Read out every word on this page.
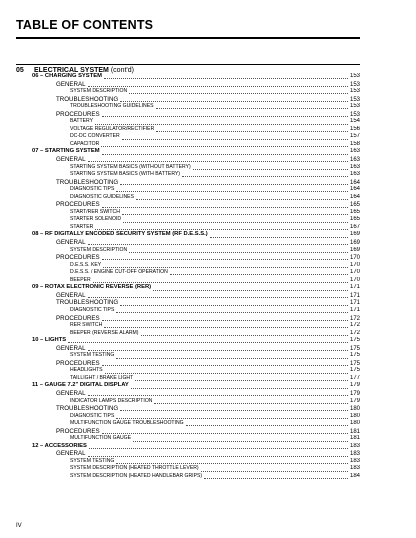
TABLE OF CONTENTS
05 ELECTRICAL SYSTEM (cont'd)
06 – CHARGING SYSTEM	153
GENERAL	153
SYSTEM DESCRIPTION	153
TROUBLESHOOTING	153
TROUBLESHOOTING GUIDELINES	153
PROCEDURES	153
BATTERY	154
VOLTAGE REGULATOR/RECTIFIER	156
DC-DC CONVERTER	157
CAPACITOR	158
07 – STARTING SYSTEM	163
GENERAL	163
STARTING SYSTEM BASICS (WITHOUT BATTERY)	163
STARTING SYSTEM BASICS (WITH BATTERY)	163
TROUBLESHOOTING	164
DIAGNOSTIC TIPS	164
DIAGNOSTIC GUIDELINES	164
PROCEDURES	165
START/RER SWITCH	165
STARTER SOLENOID	165
STARTER	167
08 – RF DIGITALLY ENCODED SECURITY SYSTEM (RF D.E.S.S.)	169
GENERAL	169
SYSTEM DESCRIPTION	169
PROCEDURES	170
D.E.S.S. KEY	170
D.E.S.S. / ENGINE CUT-OFF OPERATION	170
BEEPER	170
09 – ROTAX ELECTRONIC REVERSE (RER)	171
GENERAL	171
TROUBLESHOOTING	171
DIAGNOSTIC TIPS	171
PROCEDURES	172
RER SWITCH	172
BEEPER (REVERSE ALARM)	172
10 – LIGHTS	175
GENERAL	175
SYSTEM TESTING	175
PROCEDURES	175
HEADLIGHTS	175
TAILLIGHT / BRAKE LIGHT	177
11 – GAUGE 7.2" DIGITAL DISPLAY	179
GENERAL	179
INDICATOR LAMPS DESCRIPTION	179
TROUBLESHOOTING	180
DIAGNOSTIC TIPS	180
MULTIFUNCTION GAUGE TROUBLESHOOTING	180
PROCEDURES	181
MULTIFUNCTION GAUGE	181
12 – ACCESSORIES	183
GENERAL	183
SYSTEM TESTING	183
SYSTEM DESCRIPTION (HEATED THROTTLE LEVER)	183
SYSTEM DESCRIPTION (HEATED HANDLEBAR GRIPS)	184
IV
